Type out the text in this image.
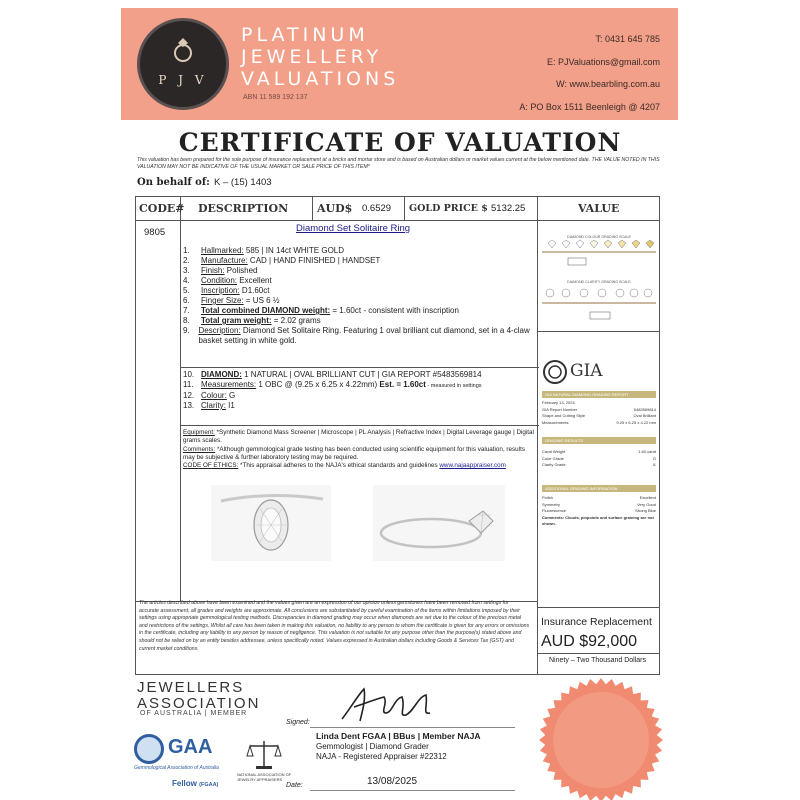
P J V
PLATINUM
JEWELLERY
VALUATIONS
ABN 11 589 192 137
T: 0431 645 785
E: PJValuations@gmail.com
W: www.bearbling.com.au
A: PO Box 1511 Beenleigh @ 4207
CERTIFICATE OF VALUATION
This valuation has been prepared for the sole purpose of insurance replacement at a bricks and mortar store and is based on Australian dollars or market values current at the below mentioned date. THE VALUE NOTED IN THIS VALUATION MAY NOT BE INDICATIVE OF THE USUAL MARKET OR SALE PRICE OF THIS ITEM*
On behalf of: K – (15) 1403
CODE# DESCRIPTION	AUD$ 0.6529 GOLD PRICE $ 5132.25	VALUE
9805	Diamond Set Solitaire Ring
1.	Hallmarked: 585 | IN 14ct WHITE GOLD
2.	Manufacture: CAD | HAND FINISHED | HANDSET
3.	Finish: Polished
4.	Condition: Excellent
5.	Inscription: D1.60ct
6.	Finger Size: = US 6 ½
7.	Total combined DIAMOND weight: = 1.60ct - consistent with inscription
8.	Total gram weight: = 2.02 grams
9.	Description: Diamond Set Solitaire Ring. Featuring 1 oval brilliant cut diamond, set in a 4-claw basket setting in white gold.
10. DIAMOND: 1 NATURAL | OVAL BRILLIANT CUT | GIA REPORT #5483569814
11. Measurements: 1 OBC @ (9.25 x 6.25 x 4.22mm) Est. = 1.60ct - measured in settings
12. Colour: G
13. Clarity: I1
Equipment: *Synthetic Diamond Mass Screener | Microscope | PL Analysis | Refractive Index | Digital Leverage gauge | Digital grams scales.
Comments: *Although gemmological grade testing has been conducted using scientific equipment for this valuation, results may be subjective & further laboratory testing may be required.
CODE OF ETHICS: *This appraisal adheres to the NAJA's ethical standards and guidelines www.najaappraiser.com
DIAMOND COLOUR GRADING SCALE
DIAMOND CLARITY GRADING SCALE
GIA
GIA NATURAL DIAMOND GRADING REPORT
February 13, 2024
5483569814
GIA Report Number
Oval Brilliant
Shape and Cutting Style
9.25 x 6.25 x 4.22 mm
Measurements
GRADING RESULTS
1.60 carat
Carat Weight
G
Color Grade
I1
Clarity Grade
ADDITIONAL GRADING INFORMATION
Excellent
Polish
Very Good
Symmetry
Strong Blue
Fluorescence
Comments: Clouds, pinpoints and surface graining are not shown.
The articles described above have been examined and the values given are an expression of our opinion unless gemstones have been removed from settings for accurate assessment, all grades and weights are approximate. All conclusions are substantiated by careful examination of the items within limitations imposed by their settings using appropriate gemmological testing methods. Discrepancies in diamond grading may occur when diamonds are set due to the colour of the precious metal and restrictions of the settings. Whilst all care has been taken in making this valuation, no liability to any person to whom the certificate is given for any errors or omissions in the certificate, including any liability to any person by reason of negligence. This valuation is not suitable for any purpose other than the purpose(s) stated above and should not be relied on by an entity besides addressee, unless specifically noted. Values expressed in Australian dollars including Goods & Services Tax (GST) and current market conditions.
Insurance Replacement
AUD $92,000
Ninety – Two Thousand Dollars
JEWELLERS
ASSOCIATION
OF AUSTRALIA | MEMBER
GAA
Gemmological Association of Australia
Fellow (FGAA)
NATIONAL ASSOCIATION OF JEWELRY APPRAISERS
Signed:
Linda Dent FGAA | BBus | Member NAJA
Gemmologist | Diamond Grader
NAJA - Registered Appraiser #22312
Date:	13/08/2025
